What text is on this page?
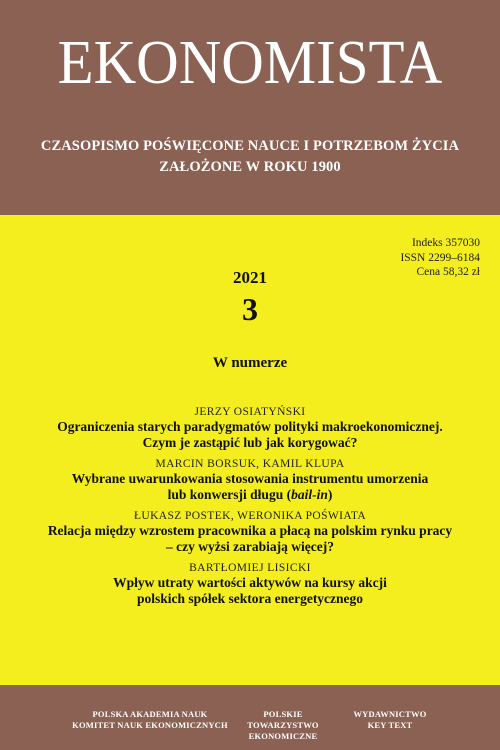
EKONOMISTA
CZASOPISMO POŚWIĘCONE NAUCE I POTRZEBOM ŻYCIA
ZAŁOŻONE W ROKU 1900
Indeks 357030
ISSN 2299–6184
Cena 58,32 zł
2021
3
W numerze
JERZY OSIATYŃSKI
Ograniczenia starych paradygmatów polityki makroekonomicznej.
Czym je zastąpić lub jak korygować?
MARCIN BORSUK, KAMIL KLUPA
Wybrane uwarunkowania stosowania instrumentu umorzenia
lub konwersji długu (bail-in)
ŁUKASZ POSTEK, WERONIKA POŚWIATA
Relacja między wzrostem pracownika a płacą na polskim rynku pracy
– czy wyżsi zarabiają więcej?
BARTŁOMIEJ LISICKI
Wpływ utraty wartości aktywów na kursy akcji
polskich spółek sektora energetycznego
POLSKA AKADEMIA NAUK
KOMITET NAUK EKONOMICZNYCH
POLSKIE TOWARZYSTWO
EKONOMICZNE
WYDAWNICTWO
KEY TEXT
